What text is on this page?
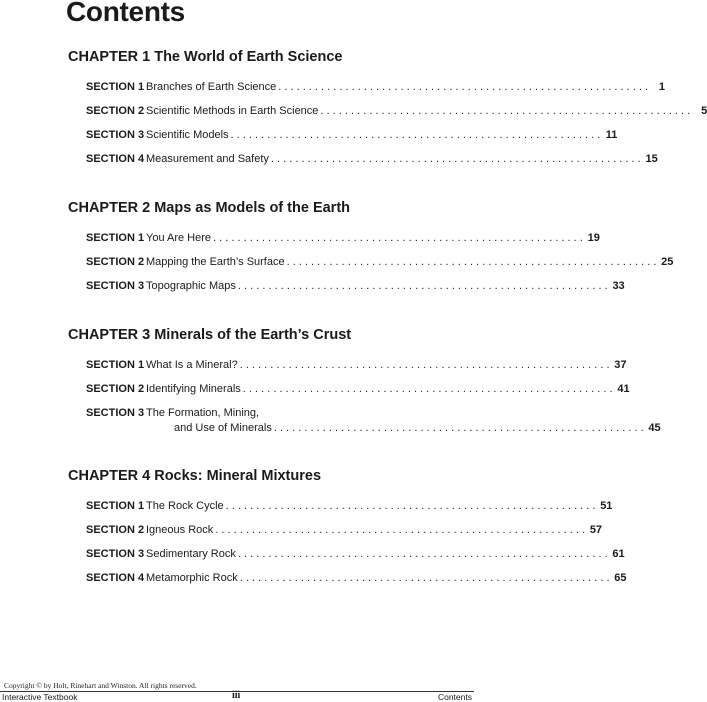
Contents
CHAPTER 1 The World of Earth Science
SECTION 1 Branches of Earth Science . . .	1
SECTION 2 Scientific Methods in Earth Science . . .	5
SECTION 3 Scientific Models . . .	11
SECTION 4 Measurement and Safety . . .	15
CHAPTER 2 Maps as Models of the Earth
SECTION 1 You Are Here . . .	19
SECTION 2 Mapping the Earth’s Surface . . .	25
SECTION 3 Topographic Maps . . .	33
CHAPTER 3 Minerals of the Earth’s Crust
SECTION 1 What Is a Mineral? . . .	37
SECTION 2 Identifying Minerals . . .	41
SECTION 3 The Formation, Mining,
and Use of Minerals . . .	45
CHAPTER 4 Rocks: Mineral Mixtures
SECTION 1 The Rock Cycle . . .	51
SECTION 2 Igneous Rock . . .	57
SECTION 3 Sedimentary Rock . . .	61
SECTION 4 Metamorphic Rock . . .	65
Copyright © by Holt, Rinehart and Winston. All rights reserved.
Interactive Textbook	iii	Contents
